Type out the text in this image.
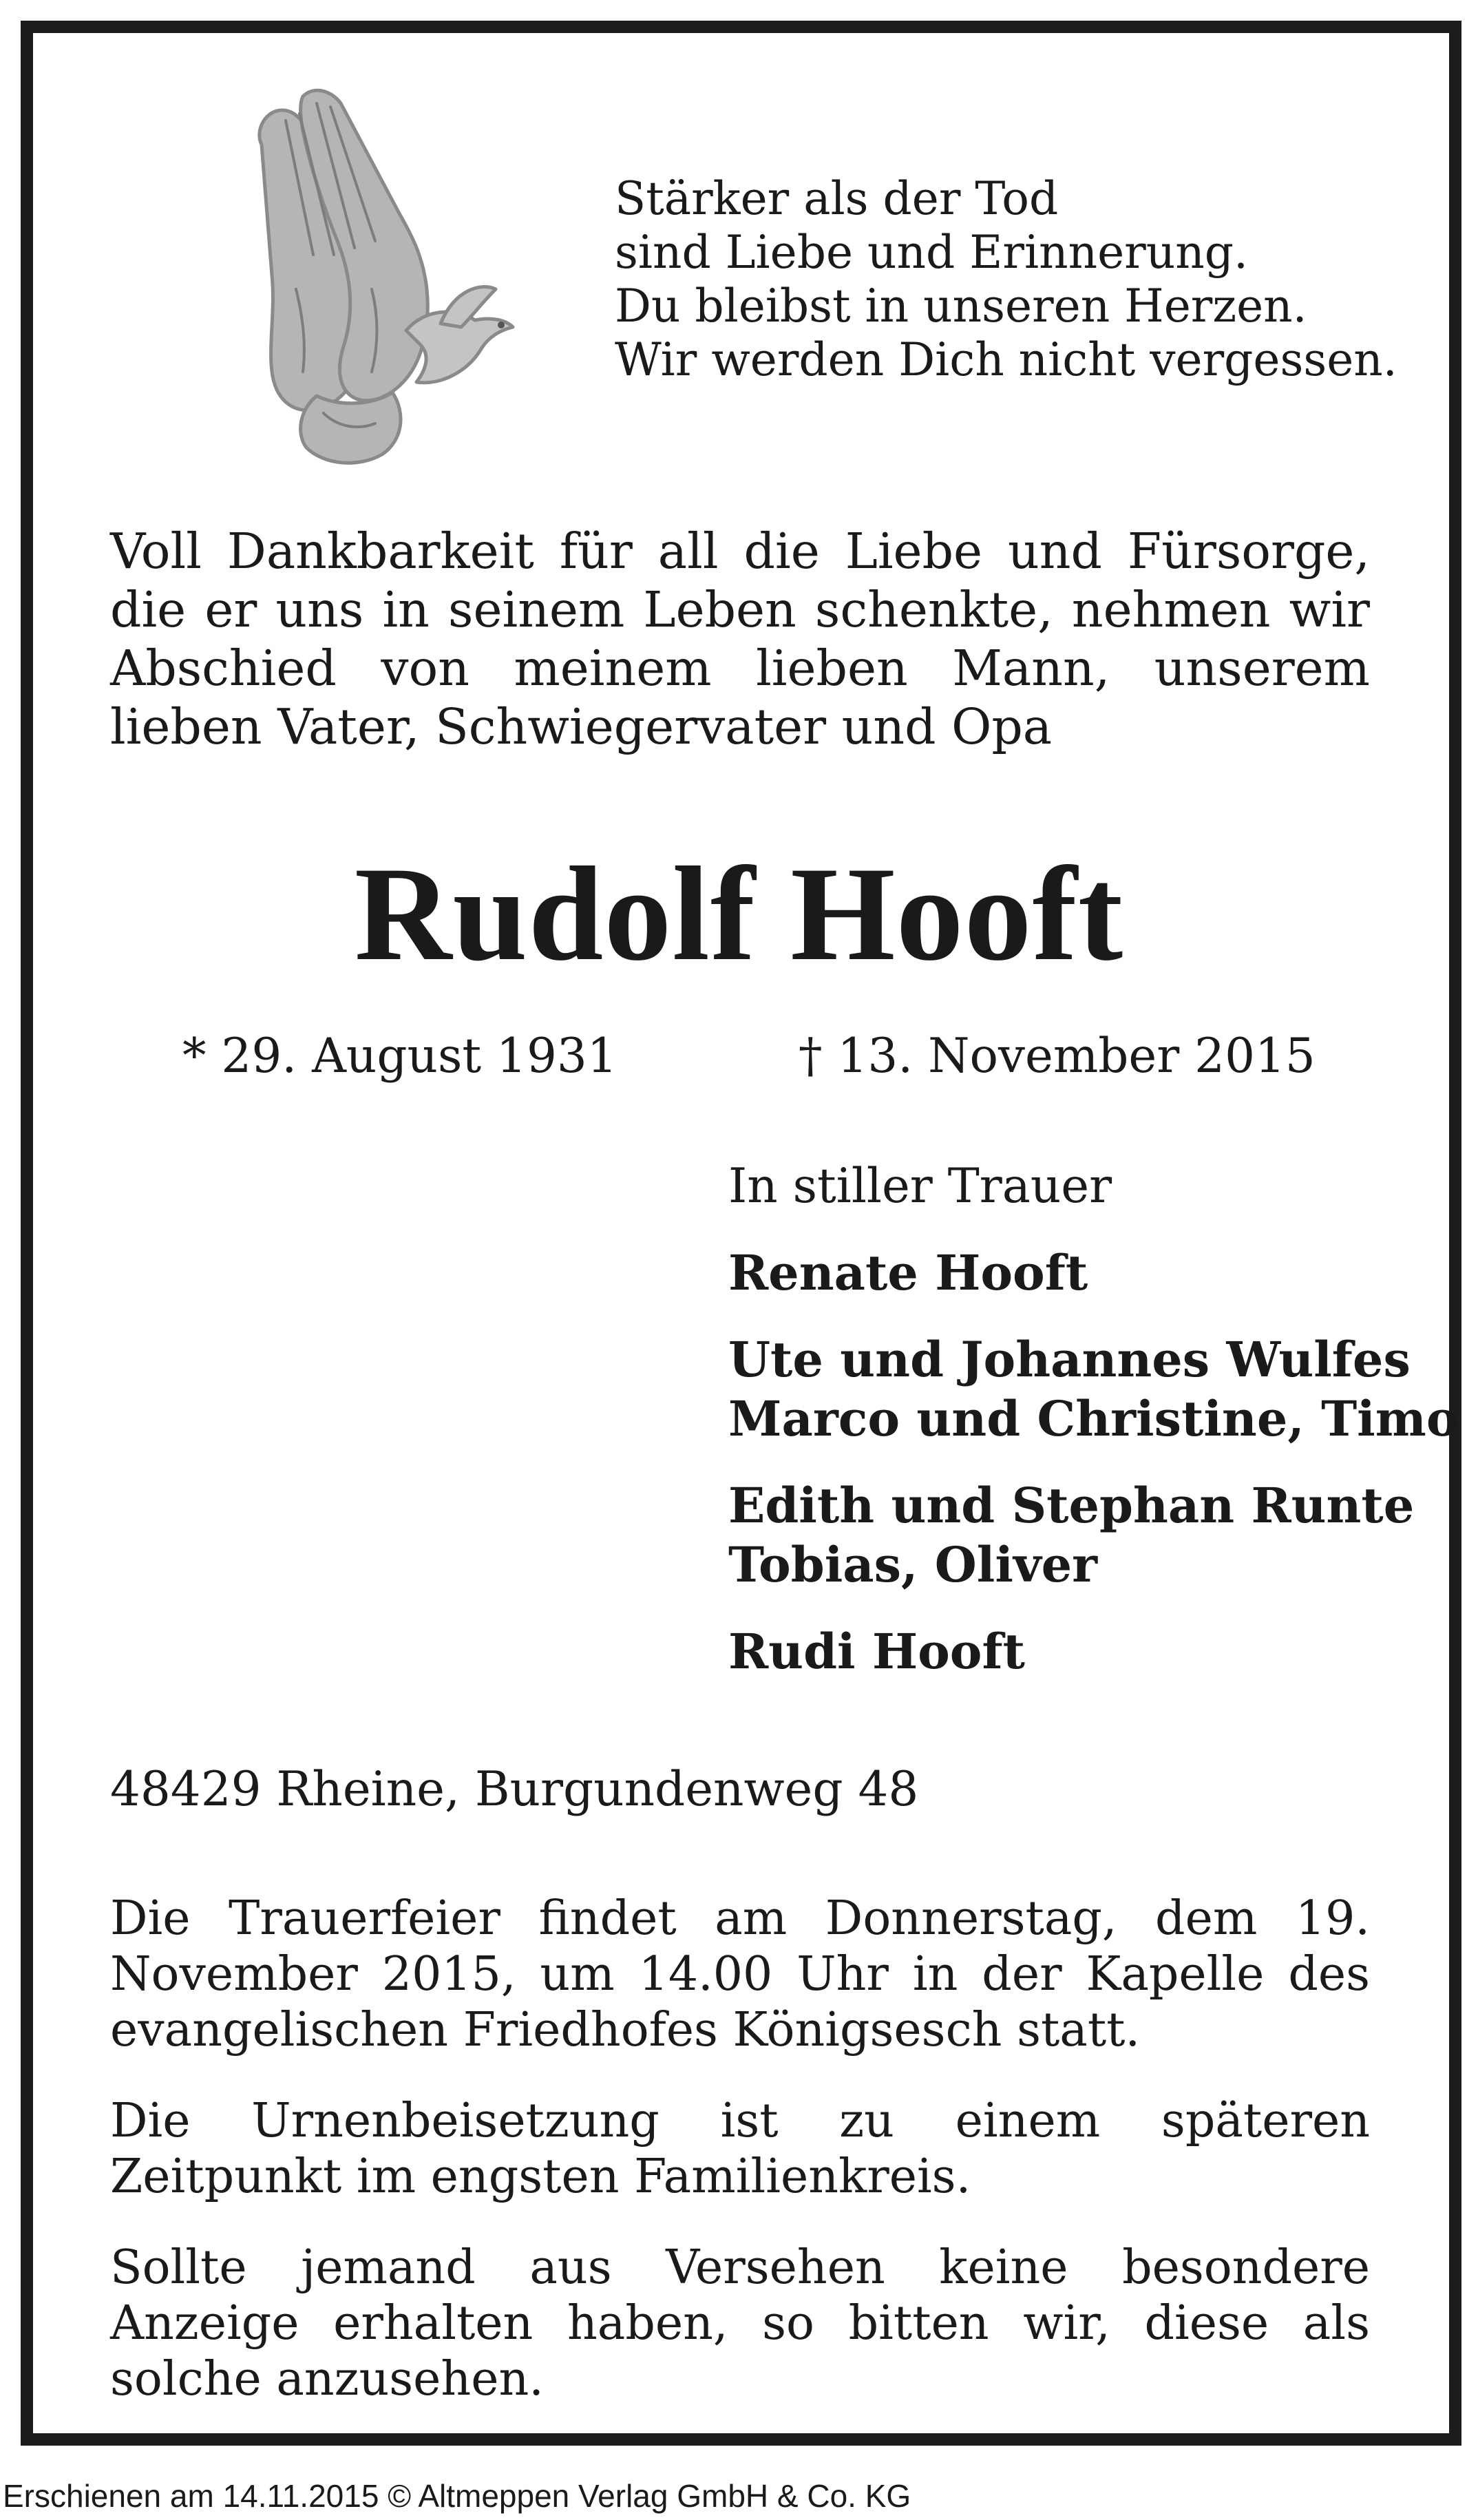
Stärker als der Tod
sind Liebe und Erinnerung.
Du bleibst in unseren Herzen.
Wir werden Dich nicht vergessen.
Voll Dankbarkeit für all die Liebe und Fürsorge, die er uns in seinem Leben schenkte, nehmen wir Abschied von meinem lieben Mann, unserem lieben Vater, Schwiegervater und Opa
Rudolf Hooft
* 29. August 1931	† 13. November 2015
In stiller Trauer
Renate Hooft
Ute und Johannes Wulfes
Marco und Christine, Timo
Edith und Stephan Runte
Tobias, Oliver
Rudi Hooft
48429 Rheine, Burgundenweg 48
Die Trauerfeier findet am Donnerstag, dem 19. November 2015, um 14.00 Uhr in der Kapelle des evangelischen Friedhofes Königsesch statt.
Die Urnenbeisetzung ist zu einem späteren Zeitpunkt im engsten Familienkreis.
Sollte jemand aus Versehen keine besondere Anzeige erhalten haben, so bitten wir, diese als solche anzusehen.
Erschienen am 14.11.2015 © Altmeppen Verlag GmbH & Co. KG
